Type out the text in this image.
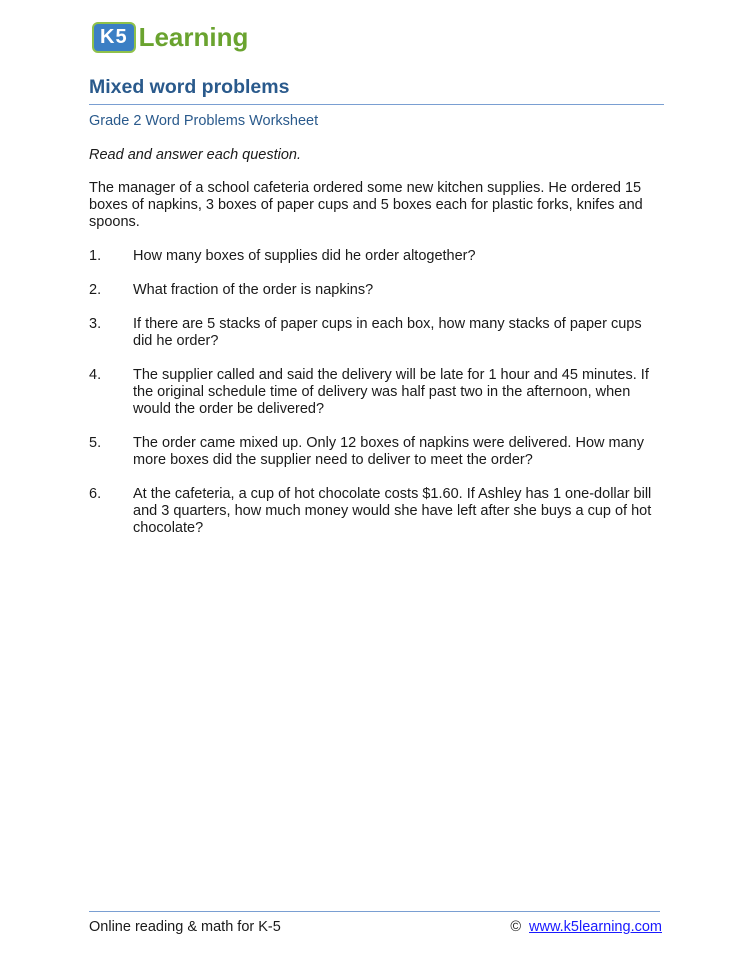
K5 Learning
Mixed word problems
Grade 2 Word Problems Worksheet
Read and answer each question.
The manager of a school cafeteria ordered some new kitchen supplies. He ordered 15 boxes of napkins, 3 boxes of paper cups and 5 boxes each for plastic forks, knifes and spoons.
1.	How many boxes of supplies did he order altogether?
2.	What fraction of the order is napkins?
3.	If there are 5 stacks of paper cups in each box, how many stacks of paper cups did he order?
4.	The supplier called and said the delivery will be late for 1 hour and 45 minutes. If the original schedule time of delivery was half past two in the afternoon, when would the order be delivered?
5.	The order came mixed up. Only 12 boxes of napkins were delivered. How many more boxes did the supplier need to deliver to meet the order?
6.	At the cafeteria, a cup of hot chocolate costs $1.60. If Ashley has 1 one-dollar bill and 3 quarters, how much money would she have left after she buys a cup of hot chocolate?
Online reading & math for K-5	© www.k5learning.com
